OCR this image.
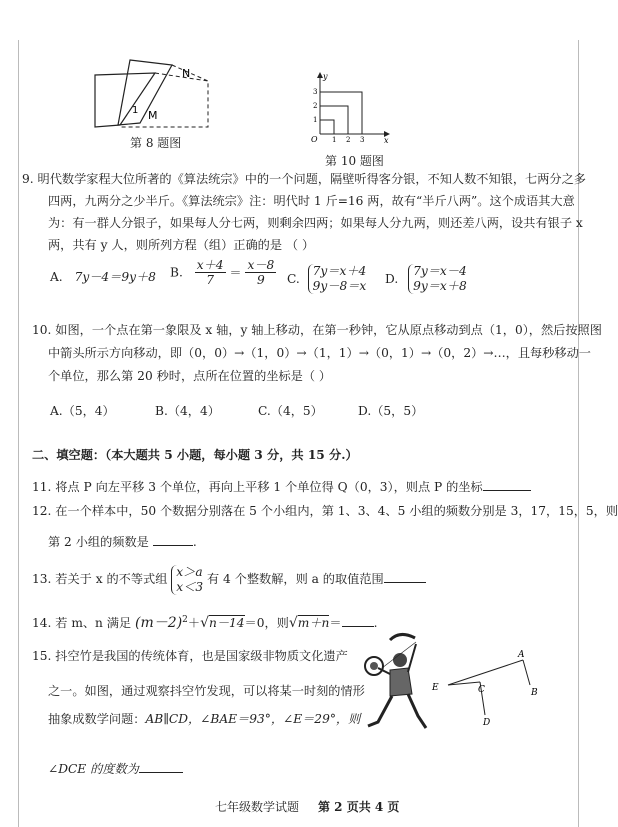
N
1 M
第 8 题图	O 1 2 3 x
1
2
3
y
第 10 题图
9. 明代数学家程大位所著的《算法统宗》中的一个问题，隔壁听得客分银，不知人数不知银，七两分之多
四两，九两分之少半斤。《算法统宗》注：明代时 1 斤=16 两，故有“半斤八两”。这个成语其大意
为：有一群人分银子，如果每人分七两，则剩余四两；如果每人分九两，则还差八两，设共有银子 x
两，共有 y 人，则所列方程（组）正确的是 （ ）
A. 7y－4＝9y＋8 B. $\frac{x+4}{7} = \frac{x-8}{9} C$.
7y＝x＋4
9y－8＝x D.
7y＝x－4
9y＝x＋8
10. 如图，一个点在第一象限及 x 轴，y 轴上移动，在第一秒钟，它从原点移动到点（1，0），然后按照图
中箭头所示方向移动，即（0，0）→（1，0）→（1，1）→（0，1）→（0，2）→…，且每秒移动一
个单位，那么第 20 秒时，点所在位置的坐标是（ ）
A.（5，4）	B.（4，4）	C.（4，5）	D.（5，5）
二、填空题：（本大题共 5 小题，每小题 3 分，共 15 分.）
11. 将点 P 向左平移 3 个单位，再向上平移 1 个单位得 Q（0，3），则点 P 的坐标
12. 在一个样本中，50 个数据分别落在 5 个小组内，第 1、3、4、5 小组的频数分别是 3，17，15，5，则
第 2 小组的频数是	.
13. 若关于 x 的不等式组
x＞a
x＜3
有 4 个整数解，则 a 的取值范围
14. 若 m、n 满足 $(m-2)^2+√n-14=0$，则√m＋n＝	.
15. 抖空竹是我国的传统体育，也是国家级非物质文化遗产
之一。如图，通过观察抖空竹发现，可以将某一时刻的情形
抽象成数学问题：AB∥CD，∠BAE＝93°，∠E＝29°，则
∠DCE 的度数为
A
B
C
D
E
七年级数学试题 第 2 页共 4 页
